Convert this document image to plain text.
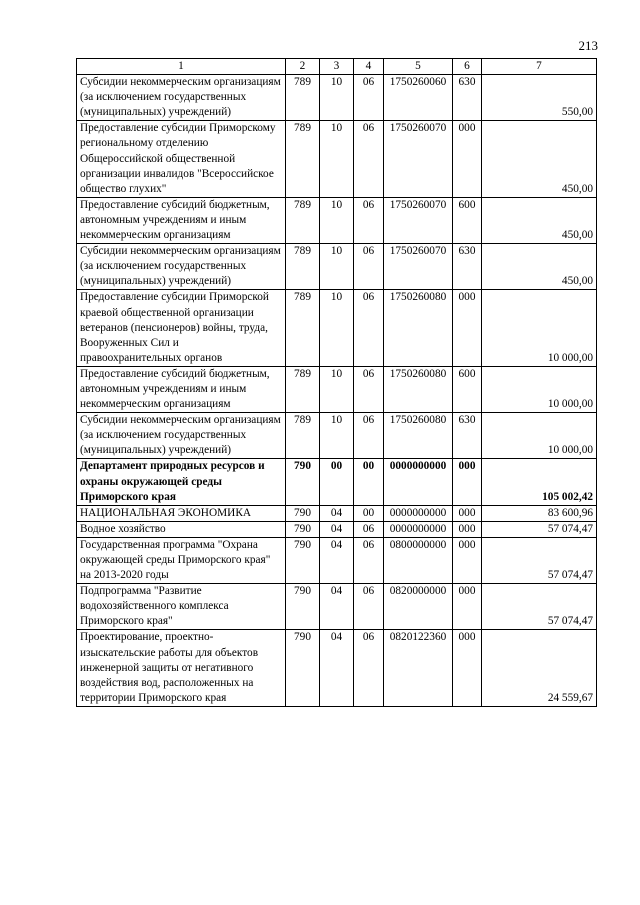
213
1	2	3	4	5	6	7
Субсидии некоммерческим организациям (за исключением государственных (муниципальных) учреждений)	789	10	06	1750260060	630	550,00
Предоставление субсидии Приморскому региональному отделению Общероссийской общественной организации инвалидов "Всероссийское общество глухих"	789	10	06	1750260070	000	450,00
Предоставление субсидий бюджетным, автономным учреждениям и иным некоммерческим организациям	789	10	06	1750260070	600	450,00
Субсидии некоммерческим организациям (за исключением государственных (муниципальных) учреждений)	789	10	06	1750260070	630	450,00
Предоставление субсидии Приморской краевой общественной организации ветеранов (пенсионеров) войны, труда, Вооруженных Сил и правоохранительных органов	789	10	06	1750260080	000	10 000,00
Предоставление субсидий бюджетным, автономным учреждениям и иным некоммерческим организациям	789	10	06	1750260080	600	10 000,00
Субсидии некоммерческим организациям (за исключением государственных (муниципальных) учреждений)	789	10	06	1750260080	630	10 000,00
Департамент природных ресурсов и охраны окружающей среды Приморского края	790	00	00	0000000000	000	105 002,42
НАЦИОНАЛЬНАЯ ЭКОНОМИКА	790	04	00	0000000000	000	83 600,96
Водное хозяйство	790	04	06	0000000000	000	57 074,47
Государственная программа "Охрана окружающей среды Приморского края" на 2013-2020 годы	790	04	06	0800000000	000	57 074,47
Подпрограмма "Развитие водохозяйственного комплекса Приморского края"	790	04	06	0820000000	000	57 074,47
Проектирование, проектно-изыскательские работы для объектов инженерной защиты от негативного воздействия вод, расположенных на территории Приморского края	790	04	06	0820122360	000	24 559,67
